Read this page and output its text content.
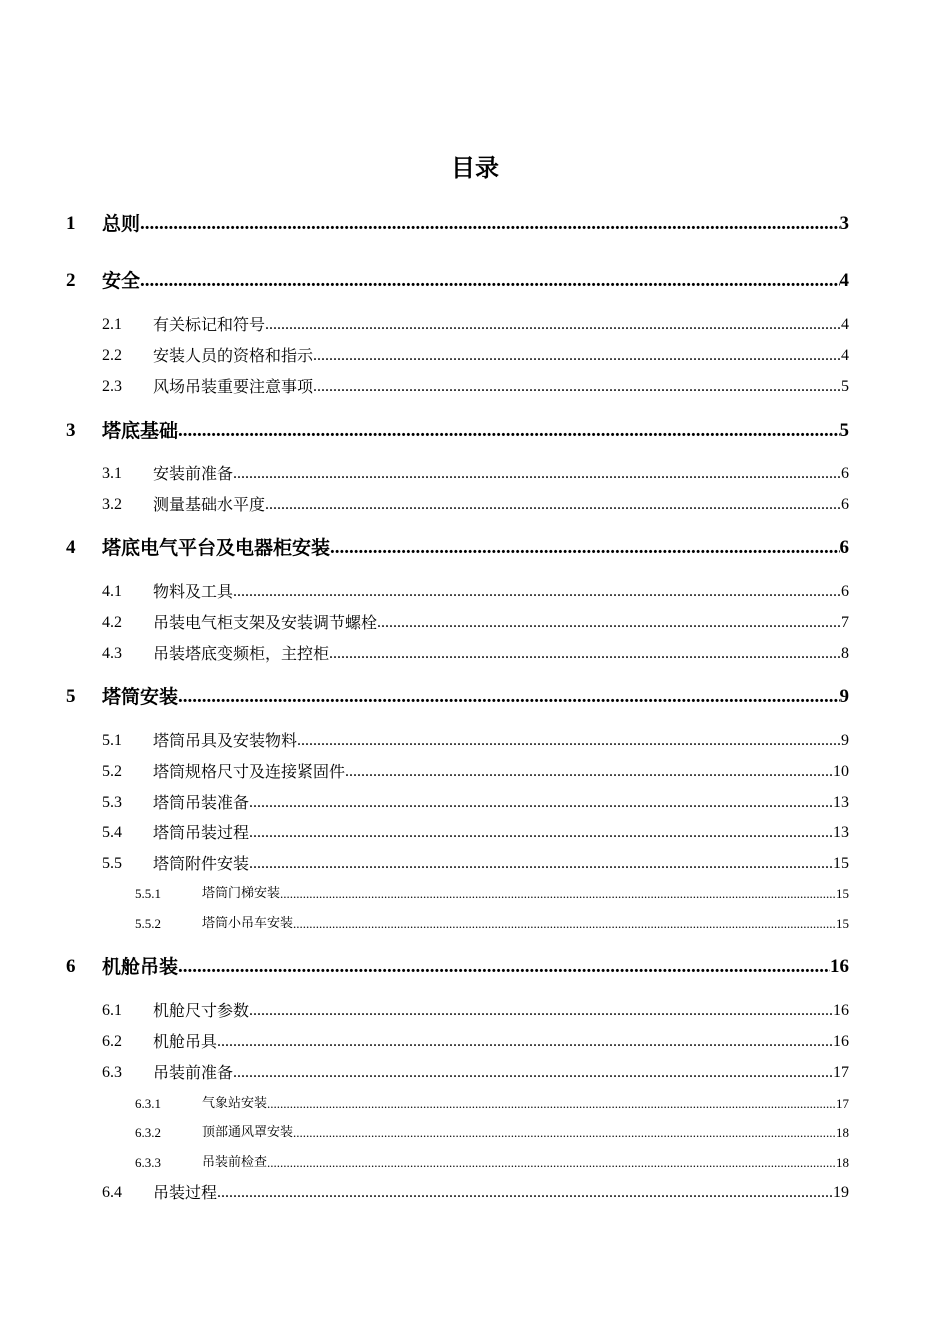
目录
1	总则 .....	3
2	安全 .....	4
2.1	有关标记和符号 .....	4
2.2	安装人员的资格和指示 .....	4
2.3	风场吊装重要注意事项 .....	5
3	塔底基础 .....	5
3.1	安装前准备 .....	6
3.2	测量基础水平度 .....	6
4	塔底电气平台及电器柜安装 .....	6
4.1	物料及工具 .....	6
4.2	吊装电气柜支架及安装调节螺栓 .....	7
4.3	吊装塔底变频柜，主控柜 .....	8
5	塔筒安装 .....	9
5.1	塔筒吊具及安装物料 .....	9
5.2	塔筒规格尺寸及连接紧固件 .....	10
5.3	塔筒吊装准备 .....	13
5.4	塔筒吊装过程 .....	13
5.5	塔筒附件安装 .....	15
5.5.1	塔筒门梯安装 .....	15
5.5.2	塔筒小吊车安装 .....	15
6	机舱吊装 .....	16
6.1	机舱尺寸参数 .....	16
6.2	机舱吊具 .....	16
6.3	吊装前准备 .....	17
6.3.1	气象站安装 .....	17
6.3.2	顶部通风罩安装 .....	18
6.3.3	吊装前检查 .....	18
6.4	吊装过程 .....	19
